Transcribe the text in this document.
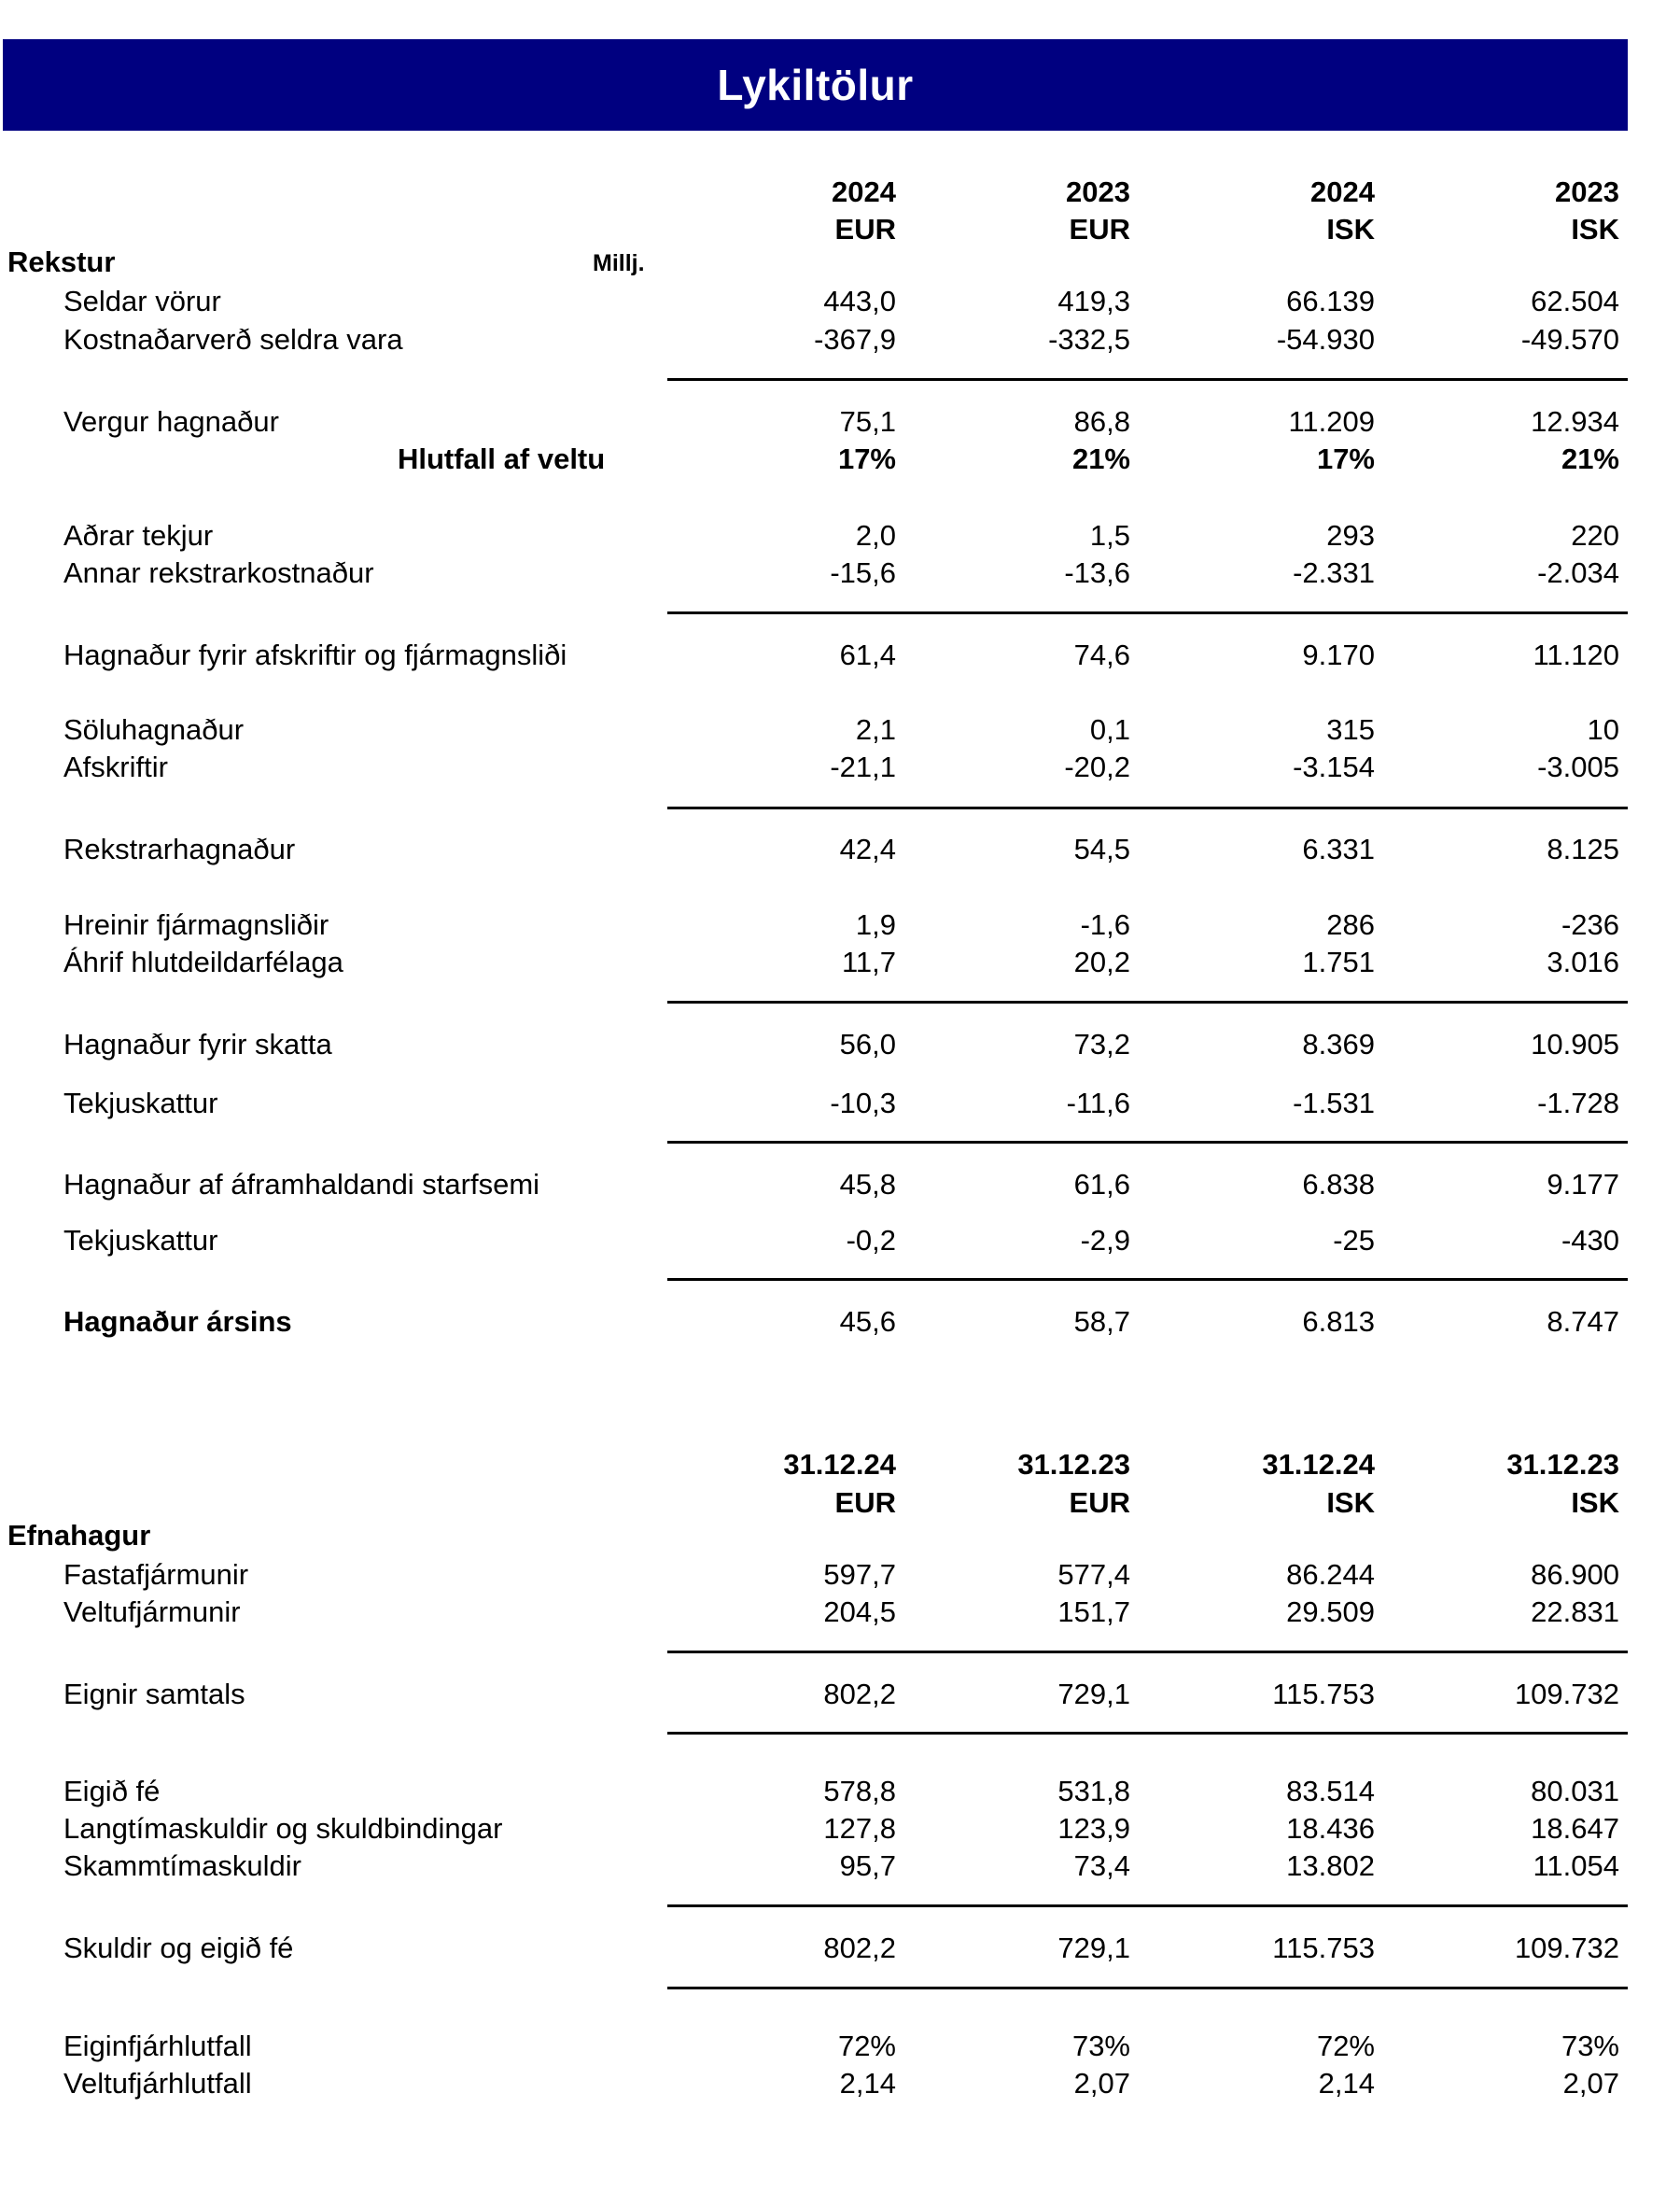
Lykiltölur
2024	2023	2024	2023
EUR	EUR	ISK	ISK
Rekstur	Millj.
Seldar vörur	443,0	419,3	66.139	62.504
Kostnaðarverð seldra vara	-367,9	-332,5	-54.930	-49.570
Vergur hagnaður	75,1	86,8	11.209	12.934
Hlutfall af veltu	17%	21%	17%	21%
Aðrar tekjur	2,0	1,5	293	220
Annar rekstrarkostnaður	-15,6	-13,6	-2.331	-2.034
Hagnaður fyrir afskriftir og fjármagnsliði	61,4	74,6	9.170	11.120
Söluhagnaður	2,1	0,1	315	10
Afskriftir	-21,1	-20,2	-3.154	-3.005
Rekstrarhagnaður	42,4	54,5	6.331	8.125
Hreinir fjármagnsliðir	1,9	-1,6	286	-236
Áhrif hlutdeildarfélaga	11,7	20,2	1.751	3.016
Hagnaður fyrir skatta	56,0	73,2	8.369	10.905
Tekjuskattur	-10,3	-11,6	-1.531	-1.728
Hagnaður af áframhaldandi starfsemi	45,8	61,6	6.838	9.177
Tekjuskattur	-0,2	-2,9	-25	-430
Hagnaður ársins	45,6	58,7	6.813	8.747
31.12.24	31.12.23	31.12.24	31.12.23
EUR	EUR	ISK	ISK
Efnahagur
Fastafjármunir	597,7	577,4	86.244	86.900
Veltufjármunir	204,5	151,7	29.509	22.831
Eignir samtals	802,2	729,1	115.753	109.732
Eigið fé	578,8	531,8	83.514	80.031
Langtímaskuldir og skuldbindingar	127,8	123,9	18.436	18.647
Skammtímaskuldir	95,7	73,4	13.802	11.054
Skuldir og eigið fé	802,2	729,1	115.753	109.732
Eiginfjárhlutfall	72%	73%	72%	73%
Veltufjárhlutfall	2,14	2,07	2,14	2,07
